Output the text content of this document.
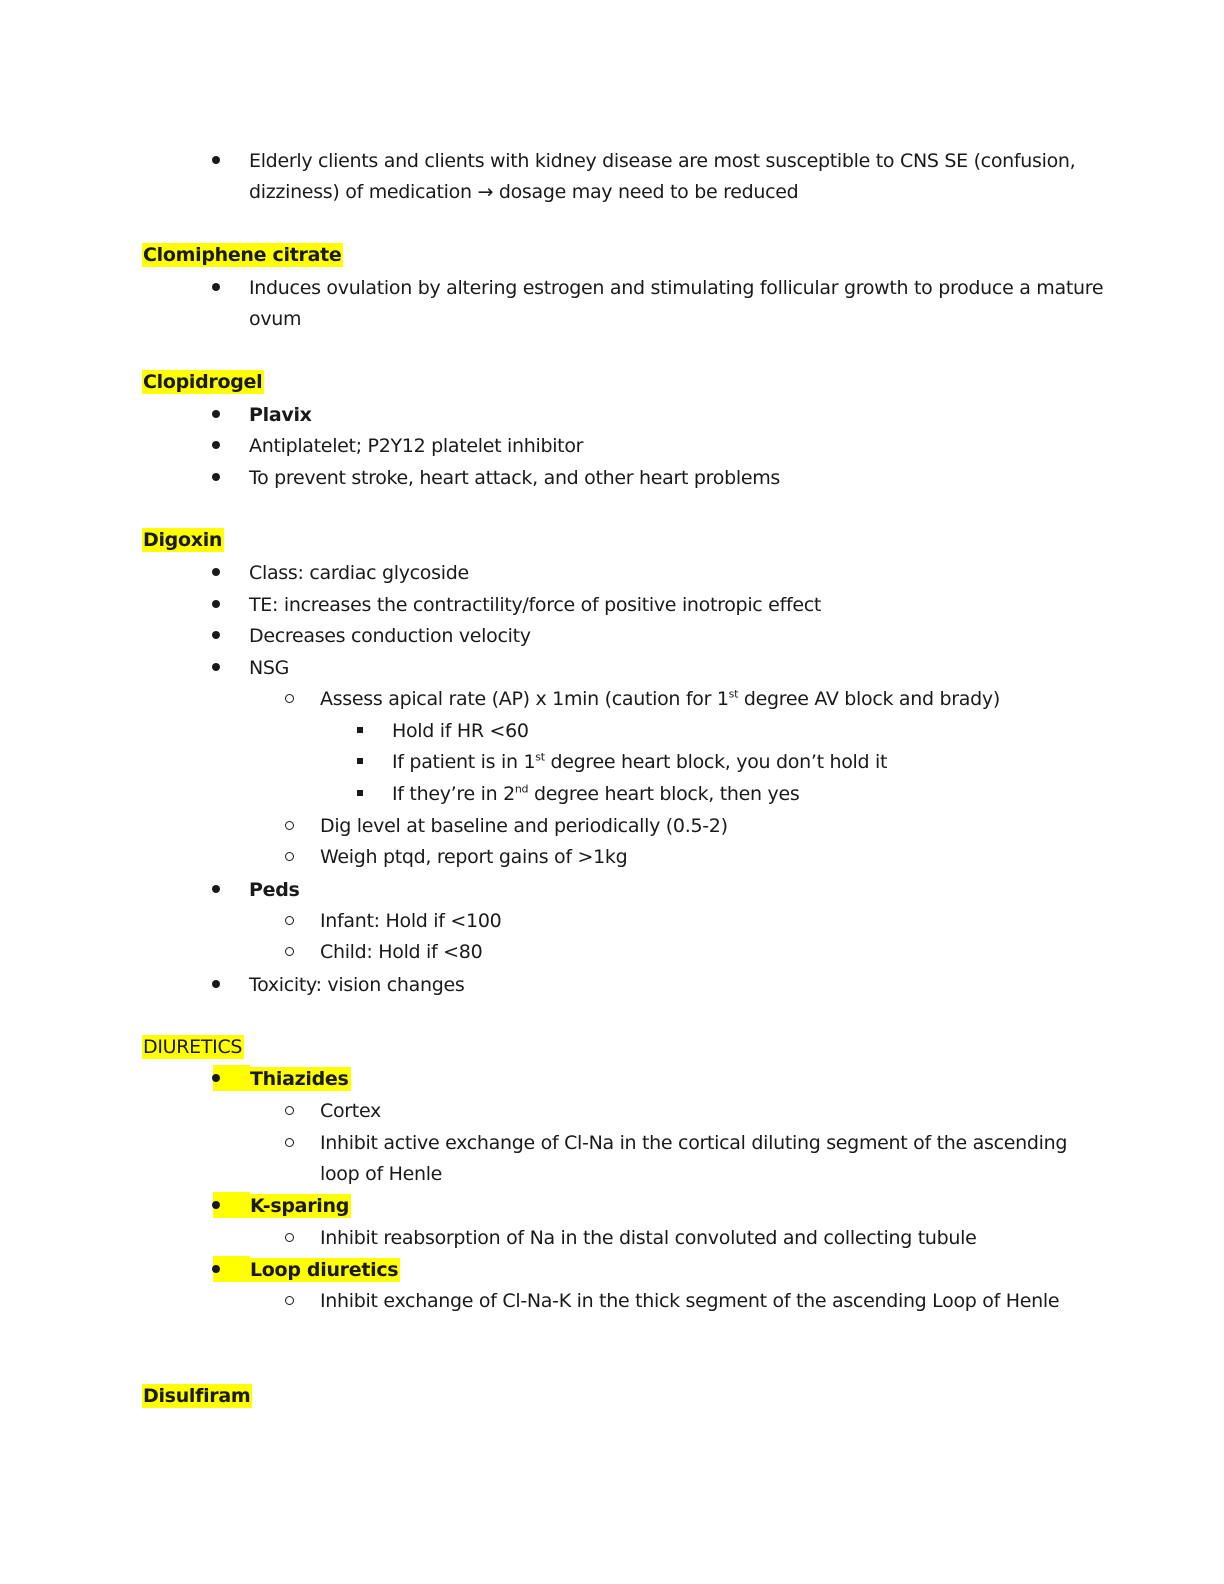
Elderly clients and clients with kidney disease are most susceptible to CNS SE (confusion,
dizziness) of medication → dosage may need to be reduced
Clomiphene citrate
Induces ovulation by altering estrogen and stimulating follicular growth to produce a mature
ovum
Clopidrogel
Plavix
Antiplatelet; P2Y12 platelet inhibitor
To prevent stroke, heart attack, and other heart problems
Digoxin
Class: cardiac glycoside
TE: increases the contractility/force of positive inotropic effect
Decreases conduction velocity
NSG
Assess apical rate (AP) x 1min (caution for 1st degree AV block and brady)
Hold if HR <60
If patient is in 1st degree heart block, you don’t hold it
If they’re in 2nd degree heart block, then yes
Dig level at baseline and periodically (0.5-2)
Weigh ptqd, report gains of >1kg
Peds
Infant: Hold if <100
Child: Hold if <80
Toxicity: vision changes
DIURETICS
Thiazides
Cortex
Inhibit active exchange of Cl-Na in the cortical diluting segment of the ascending
loop of Henle
K-sparing
Inhibit reabsorption of Na in the distal convoluted and collecting tubule
Loop diuretics
Inhibit exchange of Cl-Na-K in the thick segment of the ascending Loop of Henle
Disulfiram
